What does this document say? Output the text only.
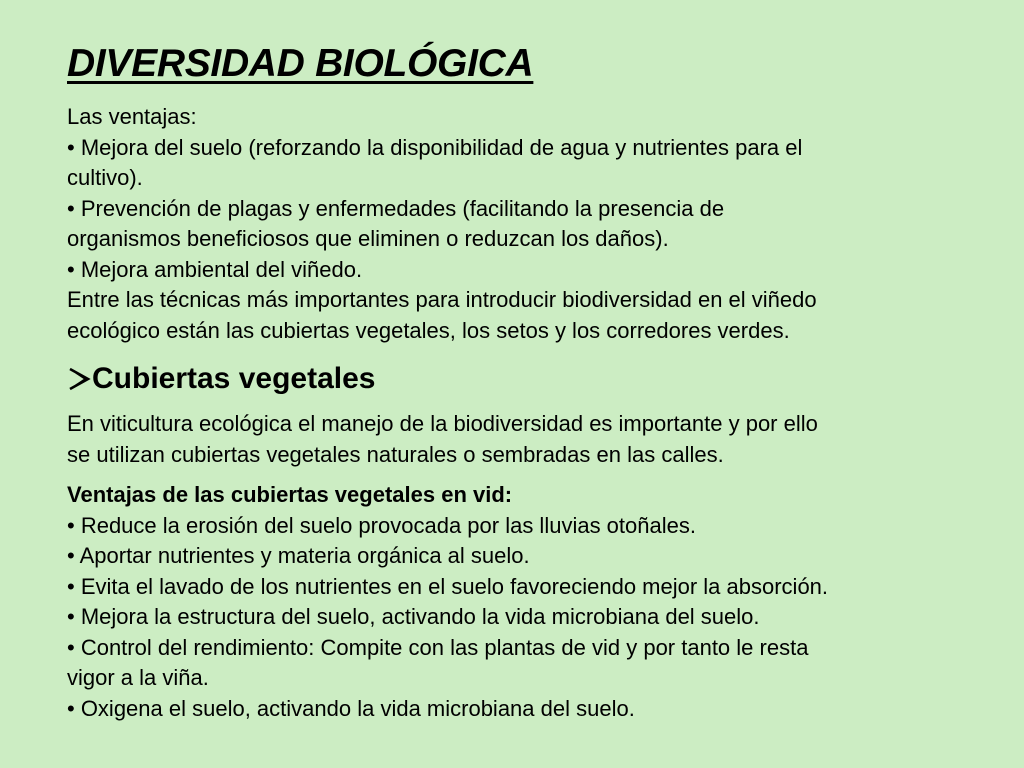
DIVERSIDAD BIOLÓGICA
Las ventajas:
• Mejora del suelo (reforzando la disponibilidad de agua y nutrientes para el
cultivo).
• Prevención de plagas y enfermedades (facilitando la presencia de
organismos beneficiosos que eliminen o reduzcan los daños).
• Mejora ambiental del viñedo.
Entre las técnicas más importantes para introducir biodiversidad en el viñedo
ecológico están las cubiertas vegetales, los setos y los corredores verdes.
Cubiertas vegetales
En viticultura ecológica el manejo de la biodiversidad es importante y por ello
se utilizan cubiertas vegetales naturales o sembradas en las calles.
Ventajas de las cubiertas vegetales en vid:
• Reduce la erosión del suelo provocada por las lluvias otoñales.
• Aportar nutrientes y materia orgánica al suelo.
• Evita el lavado de los nutrientes en el suelo favoreciendo mejor la absorción.
• Mejora la estructura del suelo, activando la vida microbiana del suelo.
• Control del rendimiento: Compite con las plantas de vid y por tanto le resta
vigor a la viña.
• Oxigena el suelo, activando la vida microbiana del suelo.
